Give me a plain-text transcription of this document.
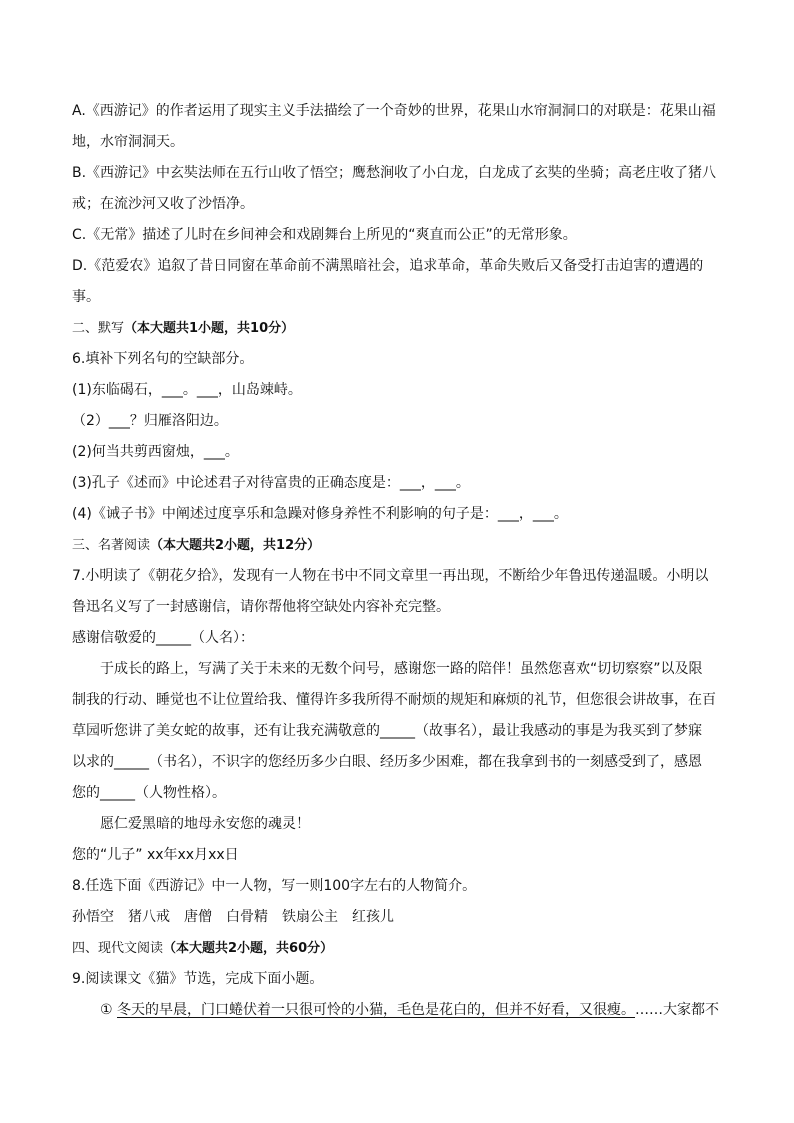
A.《西游记》的作者运用了现实主义手法描绘了一个奇妙的世界，花果山水帘洞洞口的对联是：花果山福
地，水帘洞洞天。
B.《西游记》中玄奘法师在五行山收了悟空；鹰愁涧收了小白龙，白龙成了玄奘的坐骑；高老庄收了猪八
戒；在流沙河又收了沙悟净。
C.《无常》描述了儿时在乡间神会和戏剧舞台上所见的“爽直而公正”的无常形象。
D.《范爱农》追叙了昔日同窗在革命前不满黑暗社会，追求革命，革命失败后又备受打击迫害的遭遇的
事。
二、默写（本大题共1小题，共10分）
6.填补下列名句的空缺部分。
(1)东临碣石，___。___，山岛竦峙。
（2）___？归雁洛阳边。
(2)何当共剪西窗烛，___。
(3)孔子《述而》中论述君子对待富贵的正确态度是：___，___。
(4)《诫子书》中阐述过度享乐和急躁对修身养性不利影响的句子是：___，___。
三、名著阅读（本大题共2小题，共12分）
7.小明读了《朝花夕拾》，发现有一人物在书中不同文章里一再出现，不断给少年鲁迅传递温暖。小明以
鲁迅名义写了一封感谢信，请你帮他将空缺处内容补充完整。
感谢信敬爱的_____（人名）：
于成长的路上，写满了关于未来的无数个问号，感谢您一路的陪伴！虽然您喜欢“切切察察”以及限
制我的行动、睡觉也不让位置给我、懂得许多我所得不耐烦的规矩和麻烦的礼节，但您很会讲故事，在百
草园听您讲了美女蛇的故事，还有让我充满敬意的_____（故事名），最让我感动的事是为我买到了梦寐
以求的_____（书名），不识字的您经历多少白眼、经历多少困难，都在我拿到书的一刻感受到了，感恩
您的_____（人物性格）。
愿仁爱黑暗的地母永安您的魂灵！
您的“儿子” xx年xx月xx日
8.任选下面《西游记》中一人物，写一则100字左右的人物简介。
孙悟空　猪八戒　唐僧　白骨精　铁扇公主　红孩儿
四、现代文阅读（本大题共2小题，共60分）
9.阅读课文《猫》节选，完成下面小题。
① 冬天的早晨，门口蜷伏着一只很可怜的小猫，毛色是花白的，但并不好看，又很瘦。……大家都不
